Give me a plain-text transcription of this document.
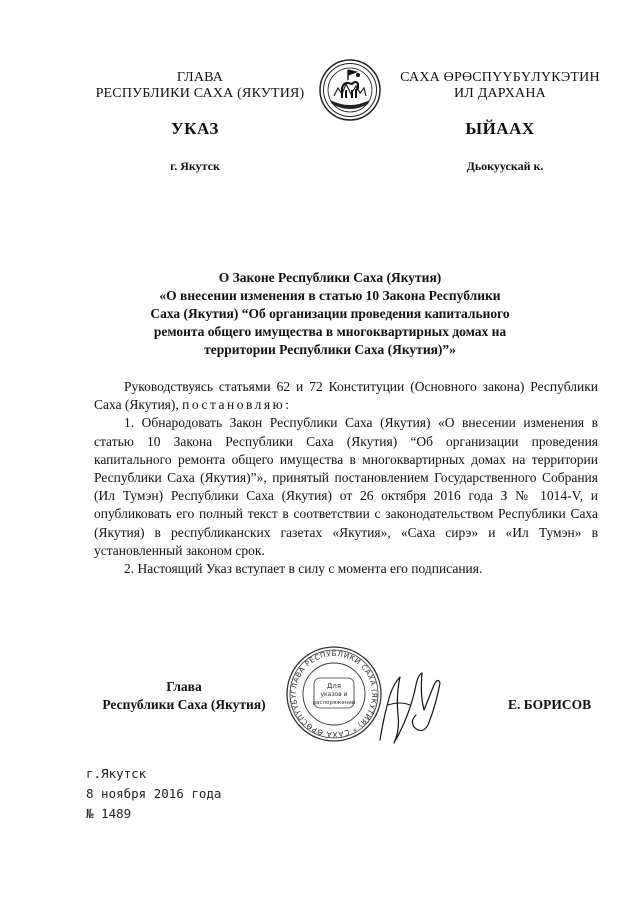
ГЛАВА
РЕСПУБЛИКИ САХА (ЯКУТИЯ)
САХА ӨРӨСПҮҮБҮЛҮКЭТИН
ИЛ ДАРХАНА
УКАЗ	ЫЙААХ
г. Якутск	Дьокуускай к.
О Законе Республики Саха (Якутия)
«О внесении изменения в статью 10 Закона Республики
Саха (Якутия) “Об организации проведения капитального
ремонта общего имущества в многоквартирных домах на
территории Республики Саха (Якутия)”»

Руководствуясь статьями 62 и 72 Конституции (Основного закона) Республики Саха (Якутия), постановляю:

1. Обнародовать Закон Республики Саха (Якутия) «О внесении изменения в статью 10 Закона Республики Саха (Якутия) “Об организации проведения капитального ремонта общего имущества в многоквартирных домах на территории Республики Саха (Якутия)”», принятый постановлением Государственного Собрания (Ил Тумэн) Республики Саха (Якутия) от 26 октября 2016 года З № 1014-V, и опубликовать его полный текст в соответствии с законодательством Республики Саха (Якутия) в республиканских газетах «Якутия», «Саха сирэ» и «Ил Тумэн» в установленный законом срок.

2. Настоящий Указ вступает в силу с момента его подписания.

ГЛАВА РЕСПУБЛИКИ САХА (ЯКУТИЯ) * САХА ӨРӨСПҮҮБҮ
Для
указов и
распоряжений
Глава
Республики Саха (Якутия)	Е. БОРИСОВ
г.Якутск
8 ноября 2016 года
№ 1489
